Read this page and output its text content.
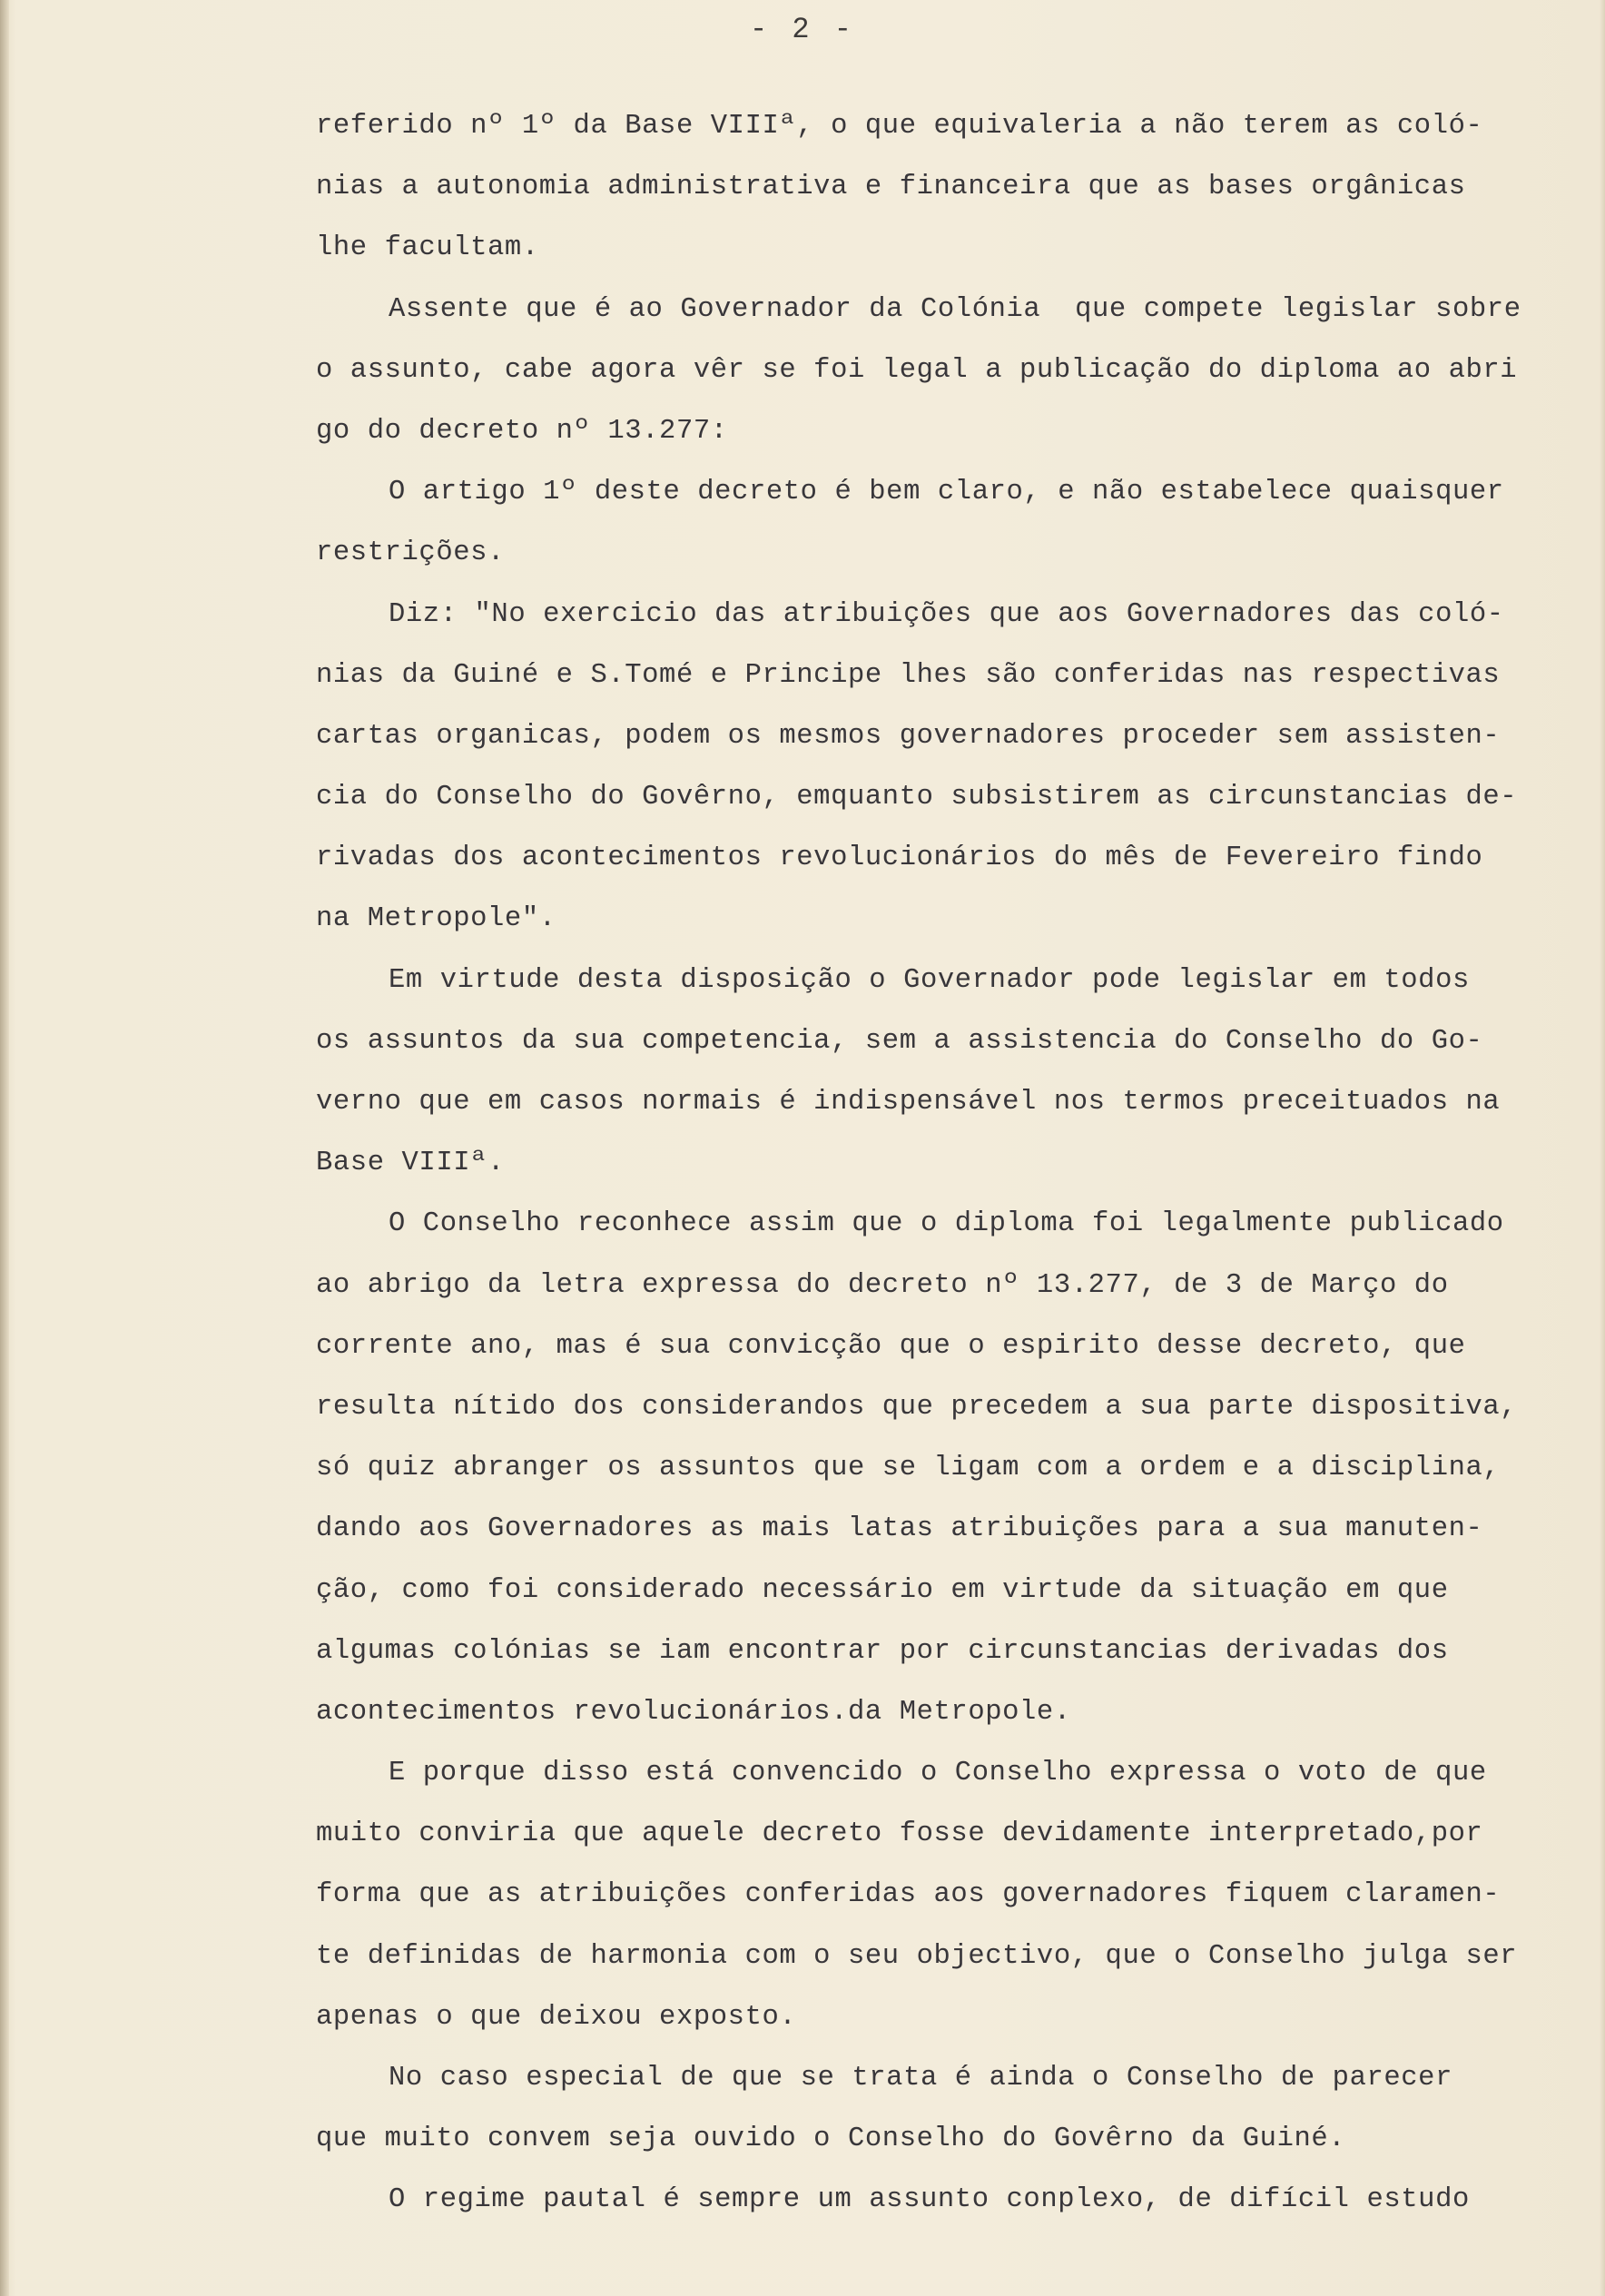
- 2 -
referido nº 1º da Base VIIIª, o que equivaleria a não terem as coló-
nias a autonomia administrativa e financeira que as bases orgânicas
lhe facultam.
Assente que é ao Governador da Colónia  que compete legislar sobre
o assunto, cabe agora vêr se foi legal a publicação do diploma ao abri
go do decreto nº 13.277:
O artigo 1º deste decreto é bem claro, e não estabelece quaisquer
restrições.
Diz: "No exercicio das atribuições que aos Governadores das coló-
nias da Guiné e S.Tomé e Principe lhes são conferidas nas respectivas
cartas organicas, podem os mesmos governadores proceder sem assisten-
cia do Conselho do Govêrno, emquanto subsistirem as circunstancias de-
rivadas dos acontecimentos revolucionários do mês de Fevereiro findo
na Metropole".
Em virtude desta disposição o Governador pode legislar em todos
os assuntos da sua competencia, sem a assistencia do Conselho do Go-
verno que em casos normais é indispensável nos termos preceituados na
Base VIIIª.
O Conselho reconhece assim que o diploma foi legalmente publicado
ao abrigo da letra expressa do decreto nº 13.277, de 3 de Março do
corrente ano, mas é sua convicção que o espirito desse decreto, que
resulta nítido dos considerandos que precedem a sua parte dispositiva,
só quiz abranger os assuntos que se ligam com a ordem e a disciplina,
dando aos Governadores as mais latas atribuições para a sua manuten-
ção, como foi considerado necessário em virtude da situação em que
algumas colónias se iam encontrar por circunstancias derivadas dos
acontecimentos revolucionários.da Metropole.
E porque disso está convencido o Conselho expressa o voto de que
muito conviria que aquele decreto fosse devidamente interpretado,por
forma que as atribuições conferidas aos governadores fiquem claramen-
te definidas de harmonia com o seu objectivo, que o Conselho julga ser
apenas o que deixou exposto.
No caso especial de que se trata é ainda o Conselho de parecer
que muito convem seja ouvido o Conselho do Govêrno da Guiné.
O regime pautal é sempre um assunto conplexo, de difícil estudo
